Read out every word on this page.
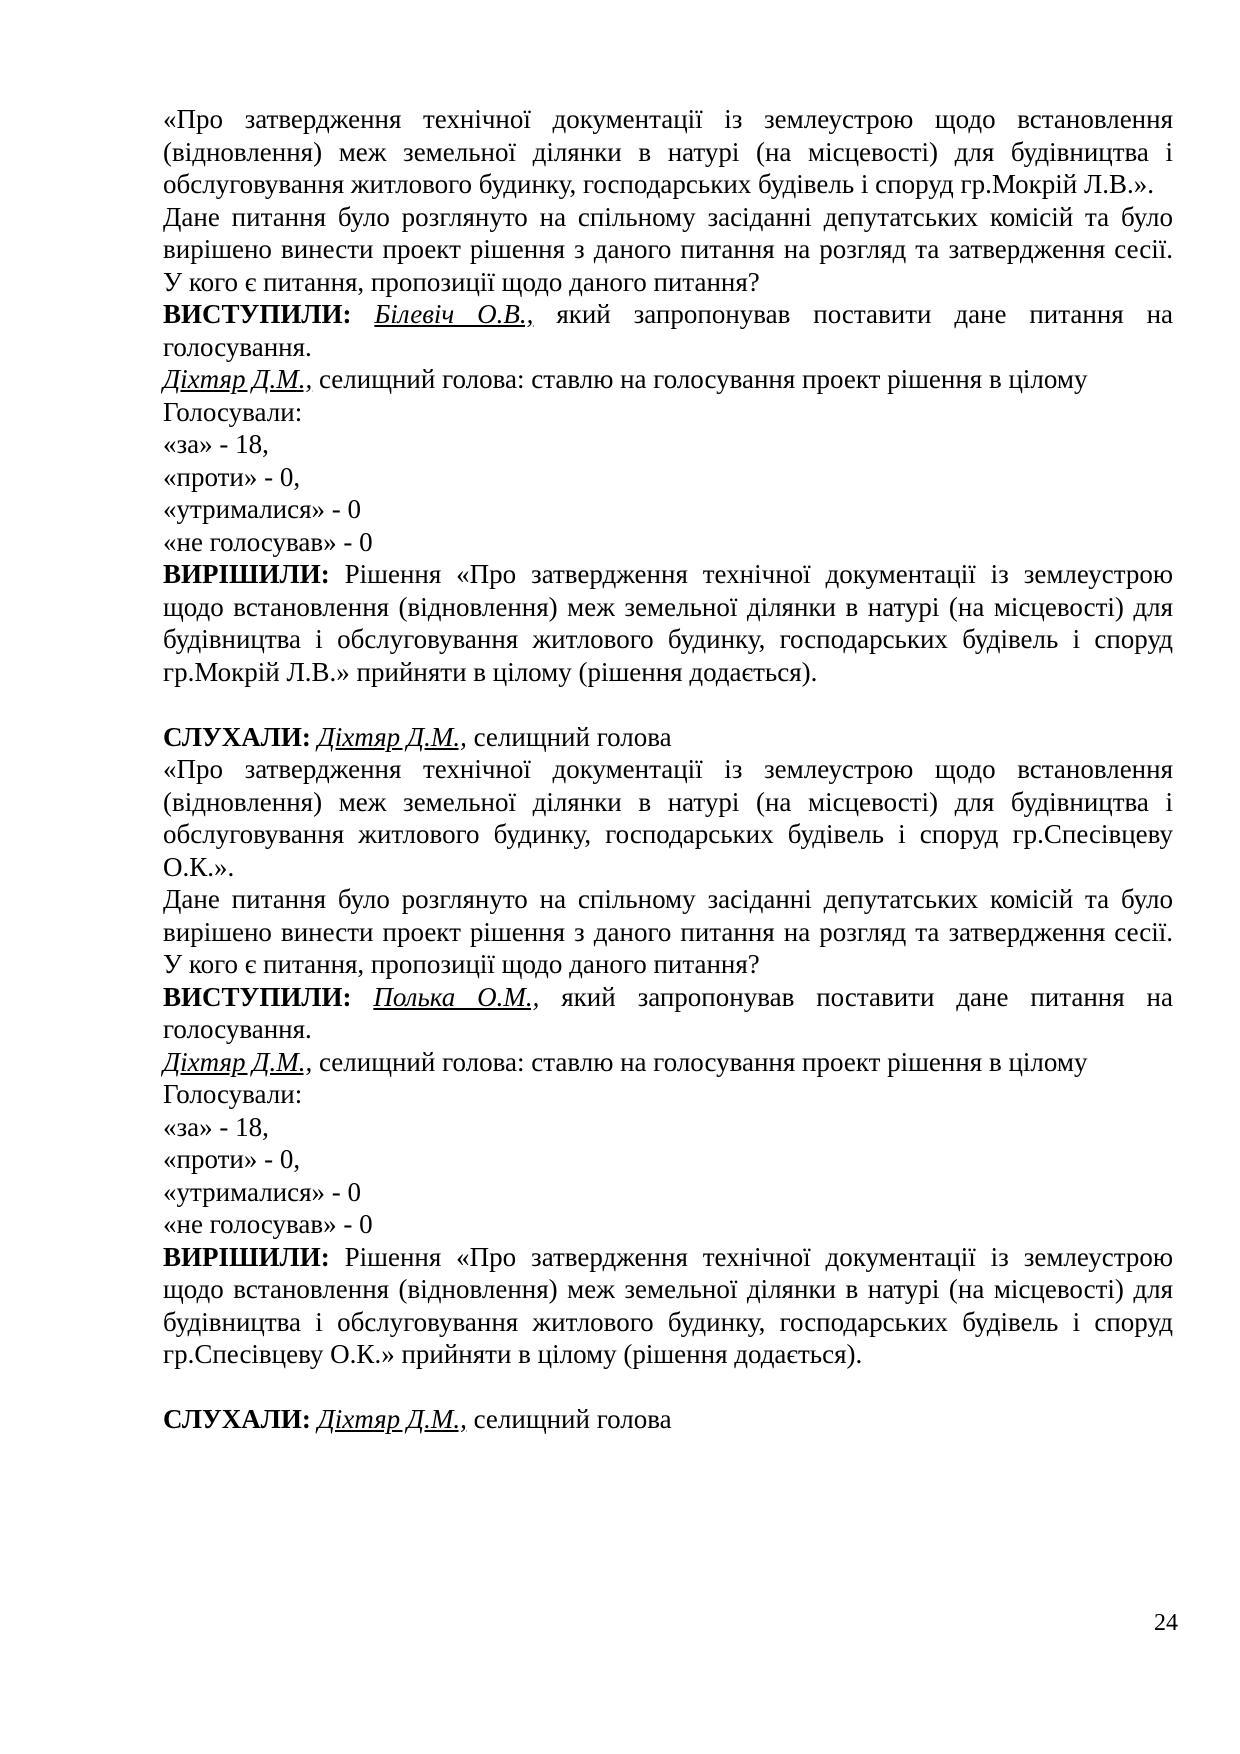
«Про затвердження технічної документації із землеустрою щодо встановлення (відновлення) меж земельної ділянки в натурі (на місцевості) для будівництва і обслуговування житлового будинку, господарських будівель і споруд гр.Мокрій Л.В.».

Дане питання було розглянуто на спільному засіданні депутатських комісій та було вирішено винести проект рішення з даного питання на розгляд та затвердження сесії. У кого є питання, пропозиції щодо даного питання?

ВИСТУПИЛИ: Білевіч О.В., який запропонував поставити дане питання на голосування.

Діхтяр Д.М., селищний голова: ставлю на голосування проект рішення в цілому

Голосували:

«за» - 18,

«проти» - 0,

«утрималися» - 0

«не голосував» - 0

ВИРІШИЛИ: Рішення «Про затвердження технічної документації із землеустрою щодо встановлення (відновлення) меж земельної ділянки в натурі (на місцевості) для будівництва і обслуговування житлового будинку, господарських будівель і споруд гр.Мокрій Л.В.» прийняти в цілому (рішення додається).

СЛУХАЛИ: Діхтяр Д.М., селищний голова

«Про затвердження технічної документації із землеустрою щодо встановлення (відновлення) меж земельної ділянки в натурі (на місцевості) для будівництва і обслуговування житлового будинку, господарських будівель і споруд гр.Спесівцеву О.К.».

Дане питання було розглянуто на спільному засіданні депутатських комісій та було вирішено винести проект рішення з даного питання на розгляд та затвердження сесії. У кого є питання, пропозиції щодо даного питання?

ВИСТУПИЛИ: Полька О.М., який запропонував поставити дане питання на голосування.

Діхтяр Д.М., селищний голова: ставлю на голосування проект рішення в цілому

Голосували:

«за» - 18,

«проти» - 0,

«утрималися» - 0

«не голосував» - 0

ВИРІШИЛИ: Рішення «Про затвердження технічної документації із землеустрою щодо встановлення (відновлення) меж земельної ділянки в натурі (на місцевості) для будівництва і обслуговування житлового будинку, господарських будівель і споруд гр.Спесівцеву О.К.» прийняти в цілому (рішення додається).

СЛУХАЛИ: Діхтяр Д.М., селищний голова

24
